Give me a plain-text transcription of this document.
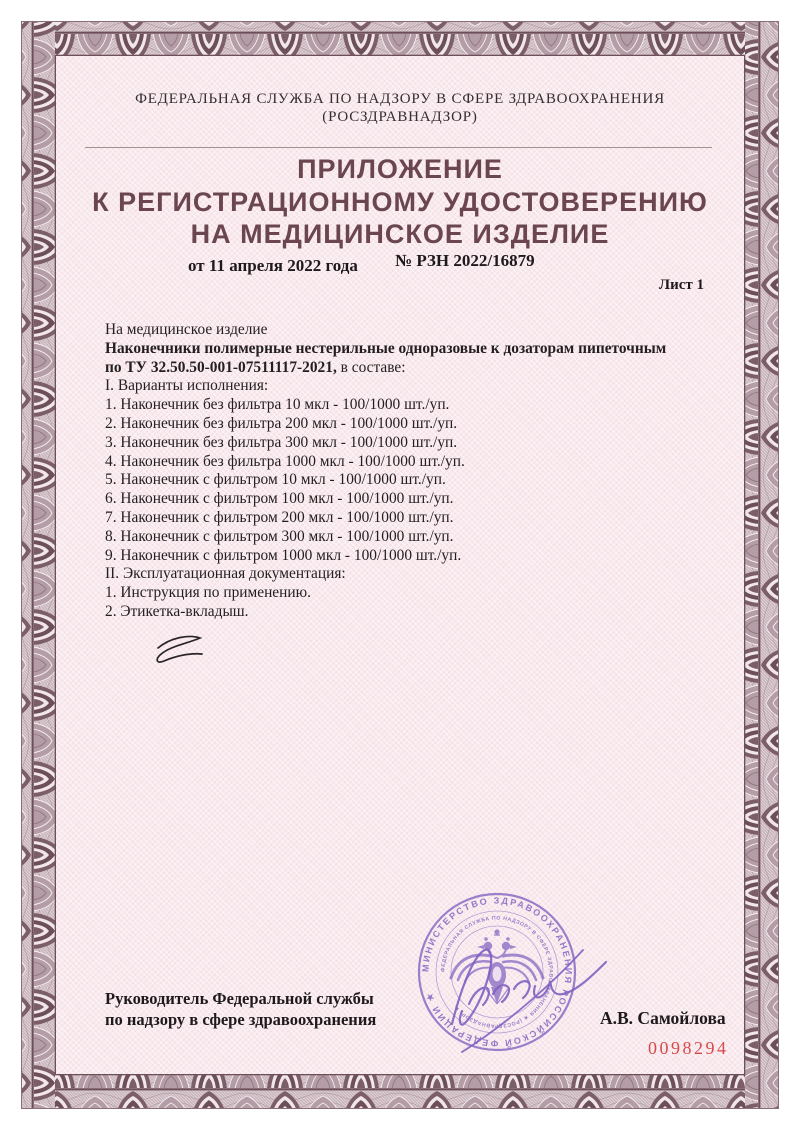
ФЕДЕРАЛЬНАЯ СЛУЖБА ПО НАДЗОРУ В СФЕРЕ ЗДРАВООХРАНЕНИЯ
(РОСЗДРАВНАДЗОР)
ПРИЛОЖЕНИЕ
К РЕГИСТРАЦИОННОМУ УДОСТОВЕРЕНИЮ
НА МЕДИЦИНСКОЕ ИЗДЕЛИЕ
от 11 апреля 2022 года № РЗН 2022/16879
Лист 1
На медицинское изделие
Наконечники полимерные нестерильные одноразовые к дозаторам пипеточным
по ТУ 32.50.50-001-07511117-2021, в составе:
I. Варианты исполнения:
1. Наконечник без фильтра 10 мкл - 100/1000 шт./уп.
2. Наконечник без фильтра 200 мкл - 100/1000 шт./уп.
3. Наконечник без фильтра 300 мкл - 100/1000 шт./уп.
4. Наконечник без фильтра 1000 мкл - 100/1000 шт./уп.
5. Наконечник с фильтром 10 мкл - 100/1000 шт./уп.
6. Наконечник с фильтром 100 мкл - 100/1000 шт./уп.
7. Наконечник с фильтром 200 мкл - 100/1000 шт./уп.
8. Наконечник с фильтром 300 мкл - 100/1000 шт./уп.
9. Наконечник с фильтром 1000 мкл - 100/1000 шт./уп.
II. Эксплуатационная документация:
1. Инструкция по применению.
2. Этикетка-вкладыш.
МИНИСТЕРСТВО ЗДРАВООХРАНЕНИЯ РОССИЙСКОЙ ФЕДЕРАЦИИ ★
ФЕДЕРАЛЬНАЯ СЛУЖБА ПО НАДЗОРУ В СФЕРЕ ЗДРАВООХРАНЕНИЯ ★ (РОСЗДРАВНАДЗОР) ★
Руководитель Федеральной службы
по надзору в сфере здравоохранения	А.В. Самойлова
0098294
